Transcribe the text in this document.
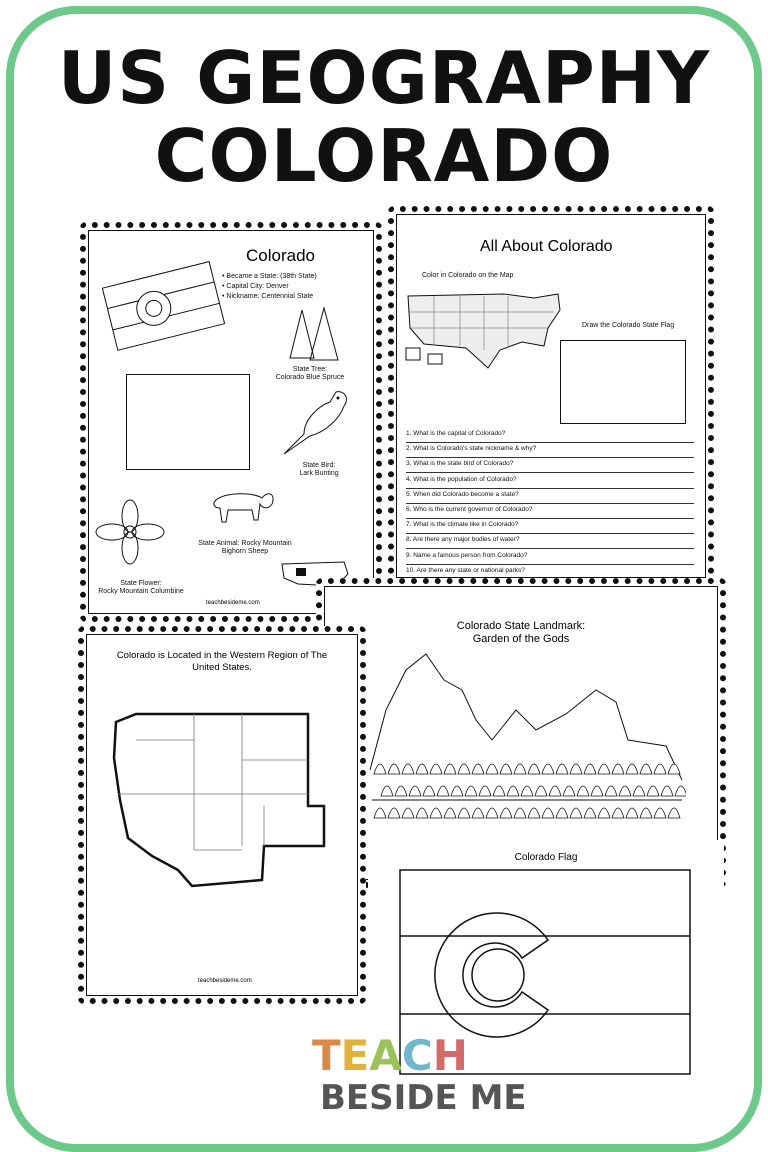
US GEOGRAPHY
COLORADO
Colorado
• Became a State: (38th State)
• Capital City: Denver
• Nickname: Centennial State
State Tree:
Colorado Blue Spruce
State Bird:
Lark Bunting
State Animal: Rocky Mountain
Bighorn Sheep
State Flower:
Rocky Mountain Columbine
teachbesideme.com
All About Colorado
Color in Colorado on the Map
Draw the Colorado State Flag
1. What is the capital of Colorado?
2. What is Colorado's state nickname & why?
3. What is the state bird of Colorado?
4. What is the population of Colorado?
5. When did Colorado become a state?
6. Who is the current governor of Colorado?
7. What is the climate like in Colorado?
8. Are there any major bodies of water?
9. Name a famous person from Colorado?
10. Are there any state or national parks?
Colorado State Landmark:
Garden of the Gods
Colorado is Located in the Western Region of The United States.
teachbesideme.com
Colorado Flag
TEACH
BESIDE ME
